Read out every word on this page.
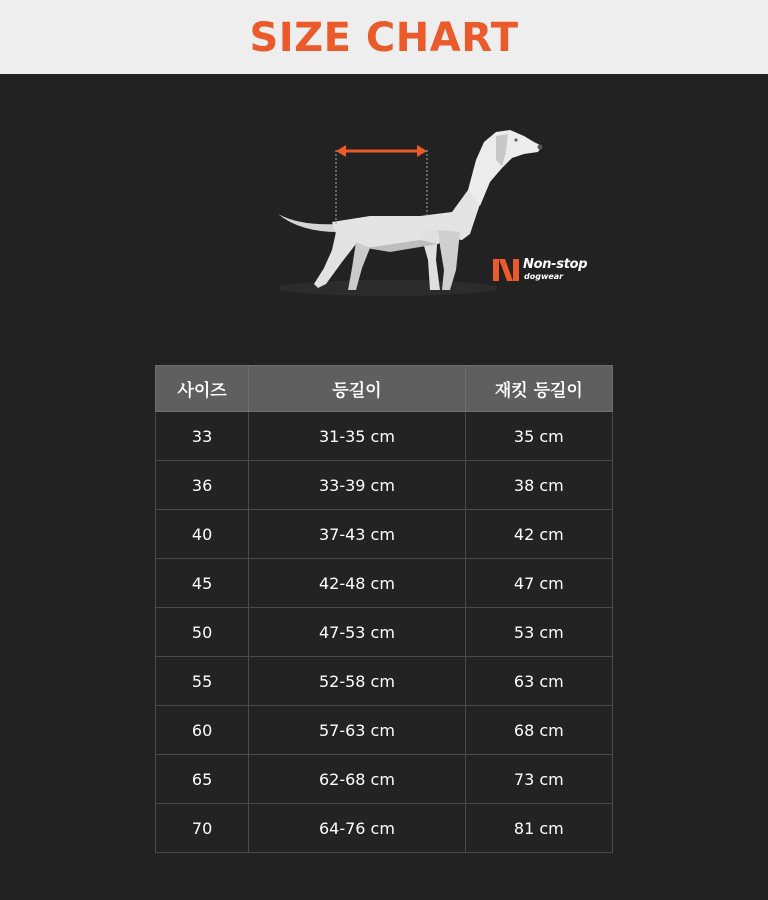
SIZE CHART
Non-stop
dogwear
사이즈	등길이	재킷 등길이
33	31-35 cm	35 cm
36	33-39 cm	38 cm
40	37-43 cm	42 cm
45	42-48 cm	47 cm
50	47-53 cm	53 cm
55	52-58 cm	63 cm
60	57-63 cm	68 cm
65	62-68 cm	73 cm
70	64-76 cm	81 cm
